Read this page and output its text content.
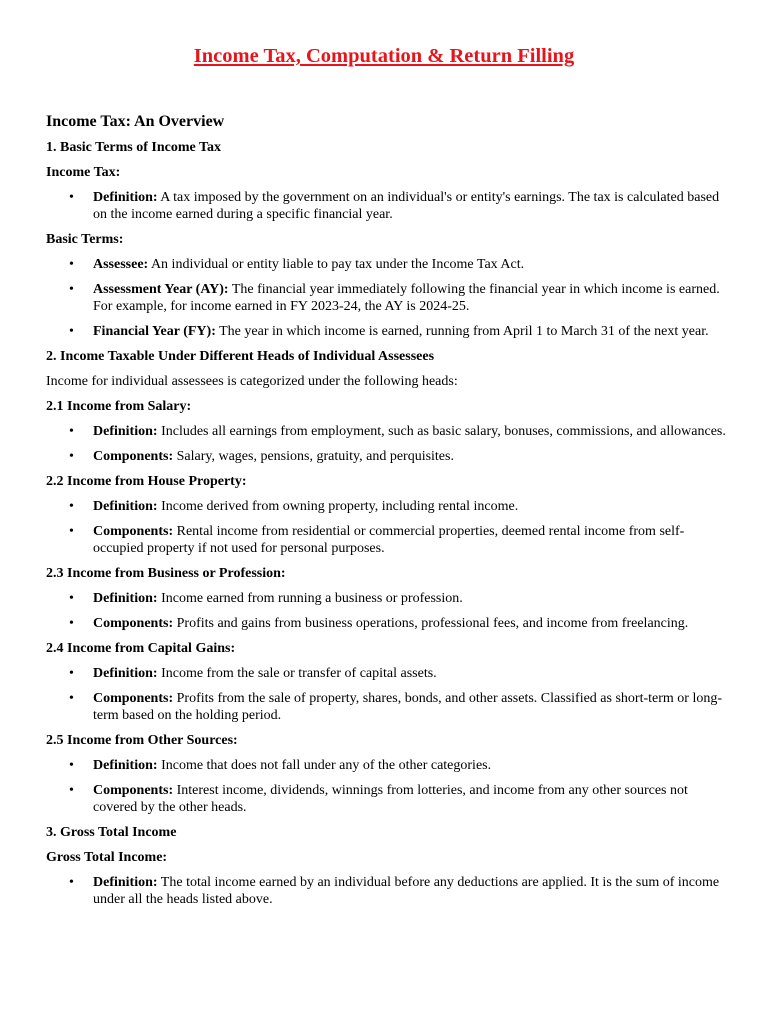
Income Tax, Computation & Return Filling
Income Tax: An Overview
1. Basic Terms of Income Tax
Income Tax:
• Definition: A tax imposed by the government on an individual's or entity's earnings. The tax is calculated based on the income earned during a specific financial year.
Basic Terms:
• Assessee: An individual or entity liable to pay tax under the Income Tax Act.
• Assessment Year (AY): The financial year immediately following the financial year in which income is earned. For example, for income earned in FY 2023-24, the AY is 2024-25.
• Financial Year (FY): The year in which income is earned, running from April 1 to March 31 of the next year.
2. Income Taxable Under Different Heads of Individual Assessees
Income for individual assessees is categorized under the following heads:
2.1 Income from Salary:
• Definition: Includes all earnings from employment, such as basic salary, bonuses, commissions, and allowances.
• Components: Salary, wages, pensions, gratuity, and perquisites.
2.2 Income from House Property:
• Definition: Income derived from owning property, including rental income.
• Components: Rental income from residential or commercial properties, deemed rental income from self-occupied property if not used for personal purposes.
2.3 Income from Business or Profession:
• Definition: Income earned from running a business or profession.
• Components: Profits and gains from business operations, professional fees, and income from freelancing.
2.4 Income from Capital Gains:
• Definition: Income from the sale or transfer of capital assets.
• Components: Profits from the sale of property, shares, bonds, and other assets. Classified as short-term or long-term based on the holding period.
2.5 Income from Other Sources:
• Definition: Income that does not fall under any of the other categories.
• Components: Interest income, dividends, winnings from lotteries, and income from any other sources not covered by the other heads.
3. Gross Total Income
Gross Total Income:
• Definition: The total income earned by an individual before any deductions are applied. It is the sum of income under all the heads listed above.
